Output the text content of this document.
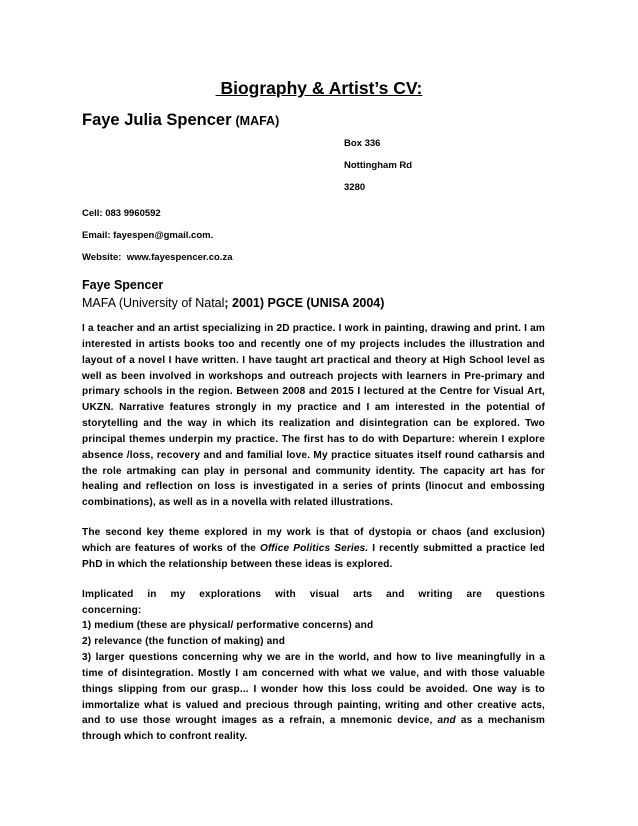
Biography & Artist’s CV:
Faye Julia Spencer (MAFA)
Box 336
Nottingham Rd
3280
Cell: 083 9960592
Email: fayespen@gmail.com.
Website:  www.fayespencer.co.za
Faye Spencer
MAFA (University of Natal; 2001) PGCE (UNISA 2004)

I a teacher and an artist specializing in 2D practice. I work in painting, drawing and print. I am interested in artists books too and recently one of my projects includes the illustration and layout of a novel I have written. I have taught art practical and theory at High School level as well as been involved in workshops and outreach projects with learners in Pre-primary and primary schools in the region. Between 2008 and 2015 I lectured at the Centre for Visual Art, UKZN. Narrative features strongly in my practice and I am interested in the potential of storytelling and the way in which its realization and disintegration can be explored. Two principal themes underpin my practice. The first has to do with Departure: wherein I explore absence /loss, recovery and and familial love. My practice situates itself round catharsis and the role artmaking can play in personal and community identity. The capacity art has for healing and reflection on loss is investigated in a series of prints (linocut and embossing combinations), as well as in a novella with related illustrations.

The second key theme explored in my work is that of dystopia or chaos (and exclusion) which are features of works of the Office Politics Series. I recently submitted a practice led PhD in which the relationship between these ideas is explored.

Implicated in my explorations with visual arts and writing are questions
concerning:
1) medium (these are physical/ performative concerns) and
2) relevance (the function of making) and

3) larger questions concerning why we are in the world, and how to live meaningfully in a time of disintegration. Mostly I am concerned with what we value, and with those valuable things slipping from our grasp... I wonder how this loss could be avoided. One way is to immortalize what is valued and precious through painting, writing and other creative acts, and to use those wrought images as a refrain, a mnemonic device, and as a mechanism through which to confront reality.
